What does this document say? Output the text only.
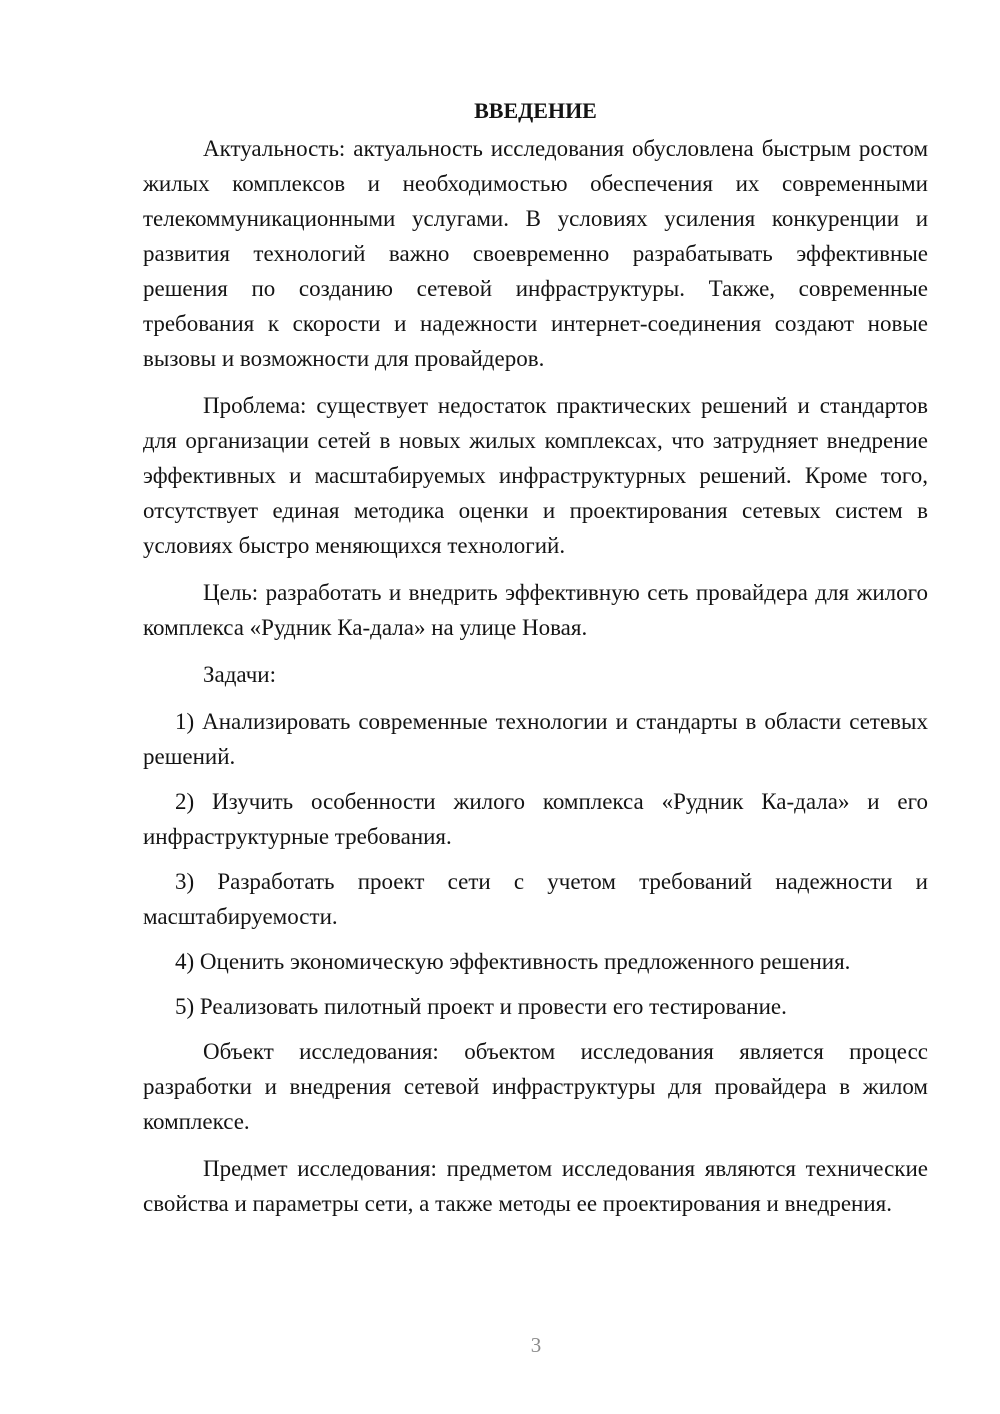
ВВЕДЕНИЕ

Актуальность: актуальность исследования обусловлена быстрым ростом жилых комплексов и необходимостью обеспечения их современными телекоммуникационными услугами. В условиях усиления конкуренции и развития технологий важно своевременно разрабатывать эффективные решения по созданию сетевой инфраструктуры. Также, современные требования к скорости и надежности интернет-соединения создают новые вызовы и возможности для провайдеров.

Проблема: существует недостаток практических решений и стандартов для организации сетей в новых жилых комплексах, что затрудняет внедрение эффективных и масштабируемых инфраструктурных решений. Кроме того, отсутствует единая методика оценки и проектирования сетевых систем в условиях быстро меняющихся технологий.

Цель: разработать и внедрить эффективную сеть провайдера для жилого комплекса «Рудник Ка-дала» на улице Новая.

Задачи:

1) Анализировать современные технологии и стандарты в области сетевых решений.

2) Изучить особенности жилого комплекса «Рудник Ка-дала» и его инфраструктурные требования.

3) Разработать проект сети с учетом требований надежности и масштабируемости.

4) Оценить экономическую эффективность предложенного решения.

5) Реализовать пилотный проект и провести его тестирование.

Объект исследования: объектом исследования является процесс разработки и внедрения сетевой инфраструктуры для провайдера в жилом комплексе.

Предмет исследования: предметом исследования являются технические свойства и параметры сети, а также методы ее проектирования и внедрения.

3
